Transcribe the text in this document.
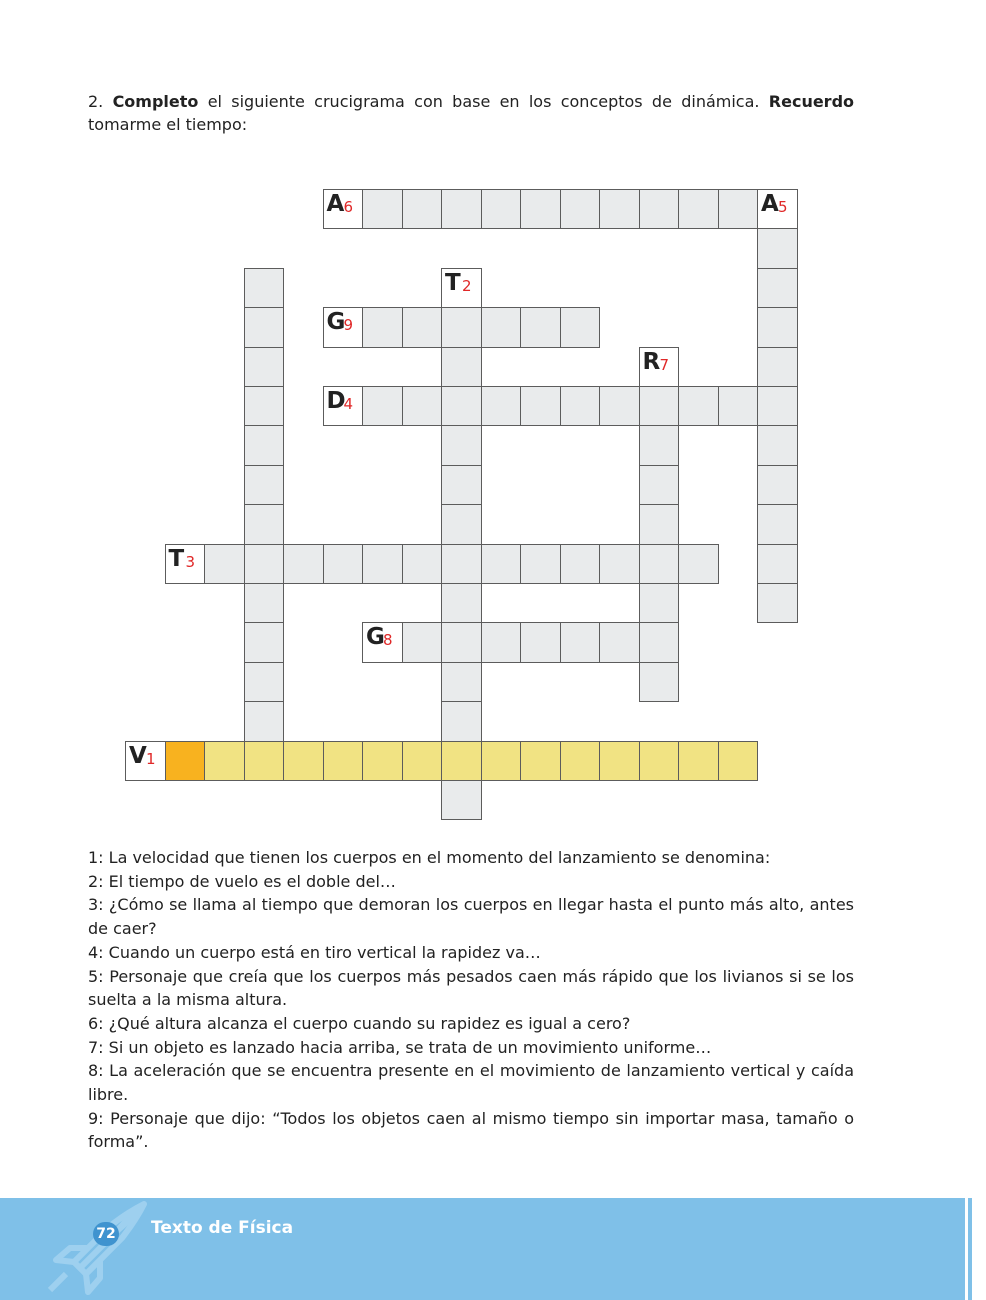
2. Completo el siguiente crucigrama con base en los conceptos de dinámica. Recuerdo tomarme el tiempo:

A 6	A 5
G
9
D
4
T 3
G
8
V 1
T 2
R 7

1: La velocidad que tienen los cuerpos en el momento del lanzamiento se denomina:

2: El tiempo de vuelo es el doble del…

3: ¿Cómo se llama al tiempo que demoran los cuerpos en llegar hasta el punto más alto, antes de caer?

4: Cuando un cuerpo está en tiro vertical la rapidez va…

5: Personaje que creía que los cuerpos más pesados caen más rápido que los livianos si se los suelta a la misma altura.

6: ¿Qué altura alcanza el cuerpo cuando su rapidez es igual a cero?

7: Si un objeto es lanzado hacia arriba, se trata de un movimiento uniforme…

8: La aceleración que se encuentra presente en el movimiento de lanzamiento vertical y caída libre.

9: Personaje que dijo: “Todos los objetos caen al mismo tiempo sin importar masa, tamaño o forma”.

72 Texto de Física
